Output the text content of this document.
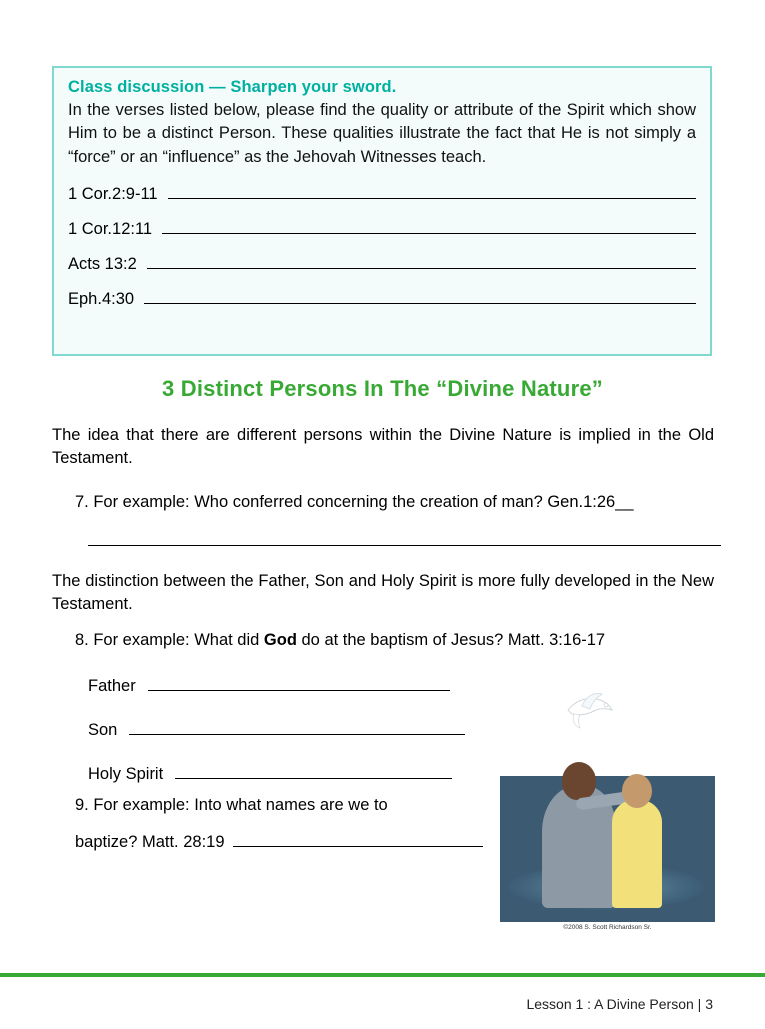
Class discussion — Sharpen your sword.
In the verses listed below, please find the quality or attribute of the Spirit which show Him to be a distinct Person. These qualities illustrate the fact that He is not simply a “force” or an “influence” as the Jehovah Witnesses teach.
1 Cor.2:9-11
1 Cor.12:11
Acts 13:2
Eph.4:30
3 Distinct Persons In The “Divine Nature”
The idea that there are different persons within the Divine Nature is implied in the Old Testament.
7. For example: Who conferred concerning the creation of man? Gen.1:26__
The distinction between the Father, Son and Holy Spirit is more fully developed in the New Testament.
8. For example: What did God do at the baptism of Jesus? Matt. 3:16-17
Father
Son
Holy Spirit
9. For example: Into what names are we to
baptize? Matt. 28:19
©2008 S. Scott Richardson Sr.
Lesson 1 : A Divine Person | 3
